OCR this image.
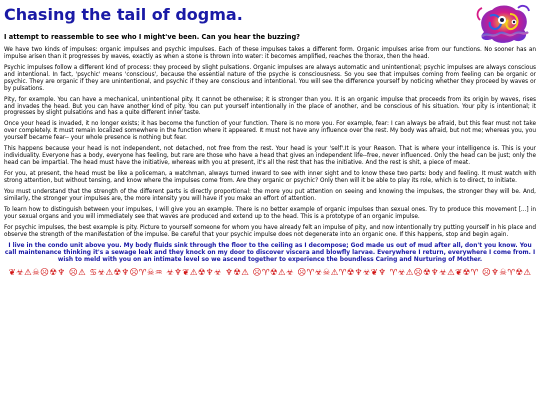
Chasing the tail of dogma.
I attempt to reassemble to see who I might've been. Can you hear the buzzing?

We have two kinds of impulses: organic impulses and psychic impulses. Each of these impulses takes a different form. Organic impulses arise from our functions. No sooner has an impulse arisen than it progresses by waves, exactly as when a stone is thrown into water: it becomes amplified, reaches the thorax, then the head.

Psychic impulses follow a different kind of process: they proceed by slight pulsations. Organic impulses are always automatic and unintentional; psychic impulses are always conscious and intentional. In fact, 'psychic' means 'conscious', because the essential nature of the psyche is consciousness. So you see that impulses coming from feeling can be organic or psychic. They are organic if they are unintentional, and psychic if they are conscious and intentional. You will see the difference yourself by noticing whether they proceed by waves or by pulsations.

Pity, for example. You can have a mechanical, unintentional pity. It cannot be otherwise; it is stronger than you. It is an organic impulse that proceeds from its origin by waves, rises and invades the head. But you can have another kind of pity. You can put yourself intentionally in the place of another, and be conscious of his situation. Your pity is intentional; it progresses by slight pulsations and has a quite different inner taste.

Once your head is invaded, it no longer exists; it has become the function of your function. There is no more you. For example, fear: I can always be afraid, but this fear must not take over completely. It must remain localized somewhere in the function where it appeared. It must not have any influence over the rest. My body was afraid, but not me; whereas you, you yourself became fear-- your whole presence is nothing but fear.

This happens because your head is not independent, not detached, not free from the rest. Your head is your 'self'.It is your Reason. That is where your intelligence is. This is your individuality. Everyone has a body, everyone has feeling, but rare are those who have a head that gives an independent life--free, never influenced. Only the head can be just; only the head can be impartial. The head must have the initiative, whereas with you at present, it's all the rest that has the initiative. And the rest is shit, a piece of meat.

For you, at present, the head must be like a policeman, a watchman, always turned inward to see with inner sight and to know these two parts: body and feeling. It must watch with strong attention, but without tensing, and know where the impulses come from. Are they organic or psychic? Only then will it be able to play its role, which is to direct, to initiate.

You must understand that the strength of the different parts is directly proportional: the more you put attention on seeing and knowing the impulses, the stronger they will be. And, similarly, the stronger your impulses are, the more intensity you will have if you make an effort of attention.

To learn how to distinguish between your impulses, I will give you an example. There is no better example of organic impulses than sexual ones. Try to produce this movement [...] in your sexual organs and you will immediately see that waves are produced and extend up to the head. This is a prototype of an organic impulse.

For psychic impulses, the best example is pity. Picture to yourself someone for whom you have already felt an impulse of pity, and now intentionally try putting yourself in his place and observe the strength of the manifestation of the impulse. Be careful that your psychic impulse does not degenerate into an organic one. If this happens, stop and begin again.

I live in the condo unit above you. My body fluids sink through the floor to the ceiling as I decompose; God made us out of mud after all, don't you know. You call maintenance thinking it's a sewage leak and they knock on my door to discover viscera and blowfly larvae. Everywhere I return, everywhere I come from. I wish to meld with you on an intimate level so we ascend together to experience the boundless Caring and Nurturing of Mother.
❦☣⚠☠☹☢♆ ☹⚠ ♋☣⚠☢♆☹♈☠♒ ☣♆❦⚠☢♆☣ ♆☢⚠ ☹♈☢⚠☣ ☹♈☣☠⚠♈☢♆☣❦♆ ♈☣⚠☹☢♆☣⚠❦☢♈ ☹♆☠♈☢⚠
